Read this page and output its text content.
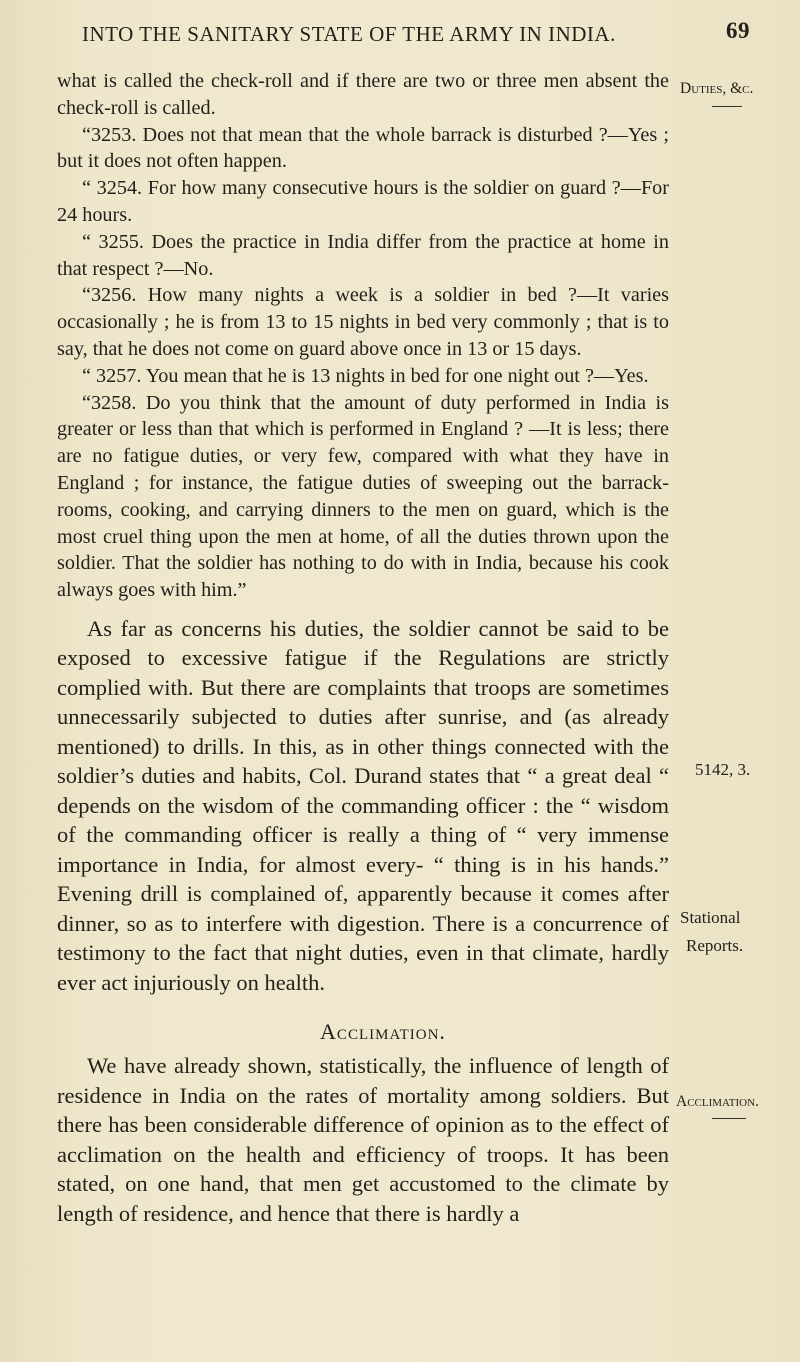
INTO THE SANITARY STATE OF THE ARMY IN INDIA.	69

what is called the check-roll and if there are two or three men absent the check-roll is called.

“3253. Does not that mean that the whole barrack is disturbed ?—Yes ; but it does not often happen.

“ 3254. For how many consecutive hours is the soldier on guard ?—For 24 hours.

“ 3255. Does the practice in India differ from the practice at home in that respect ?—No.

“3256. How many nights a week is a soldier in bed ?—It varies occasionally ; he is from 13 to 15 nights in bed very commonly ; that is to say, that he does not come on guard above once in 13 or 15 days.

“ 3257. You mean that he is 13 nights in bed for one night out ?—Yes.

“3258. Do you think that the amount of duty performed in India is greater or less than that which is performed in England ? —It is less; there are no fatigue duties, or very few, compared with what they have in England ; for instance, the fatigue duties of sweeping out the barrack-rooms, cooking, and carrying dinners to the men on guard, which is the most cruel thing upon the men at home, of all the duties thrown upon the soldier. That the soldier has nothing to do with in India, because his cook always goes with him.”

As far as concerns his duties, the soldier cannot be said to be exposed to excessive fatigue if the Regulations are strictly complied with. But there are complaints that troops are sometimes unnecessarily subjected to duties after sunrise, and (as already mentioned) to drills. In this, as in other things connected with the soldier’s duties and habits, Col. Durand states that “ a great deal “ depends on the wisdom of the commanding officer : the “ wisdom of the commanding officer is really a thing of “ very immense importance in India, for almost every- “ thing is in his hands.” Evening drill is complained of, apparently because it comes after dinner, so as to interfere with digestion. There is a concurrence of testimony to the fact that night duties, even in that climate, hardly ever act injuriously on health.

Acclimation.

We have already shown, statistically, the influence of length of residence in India on the rates of mortality among soldiers. But there has been considerable difference of opinion as to the effect of acclimation on the health and efficiency of troops. It has been stated, on one hand, that men get accustomed to the climate by length of residence, and hence that there is hardly a

Duties, &c.
5142, 3.
Stational
Reports.
Acclimation.
